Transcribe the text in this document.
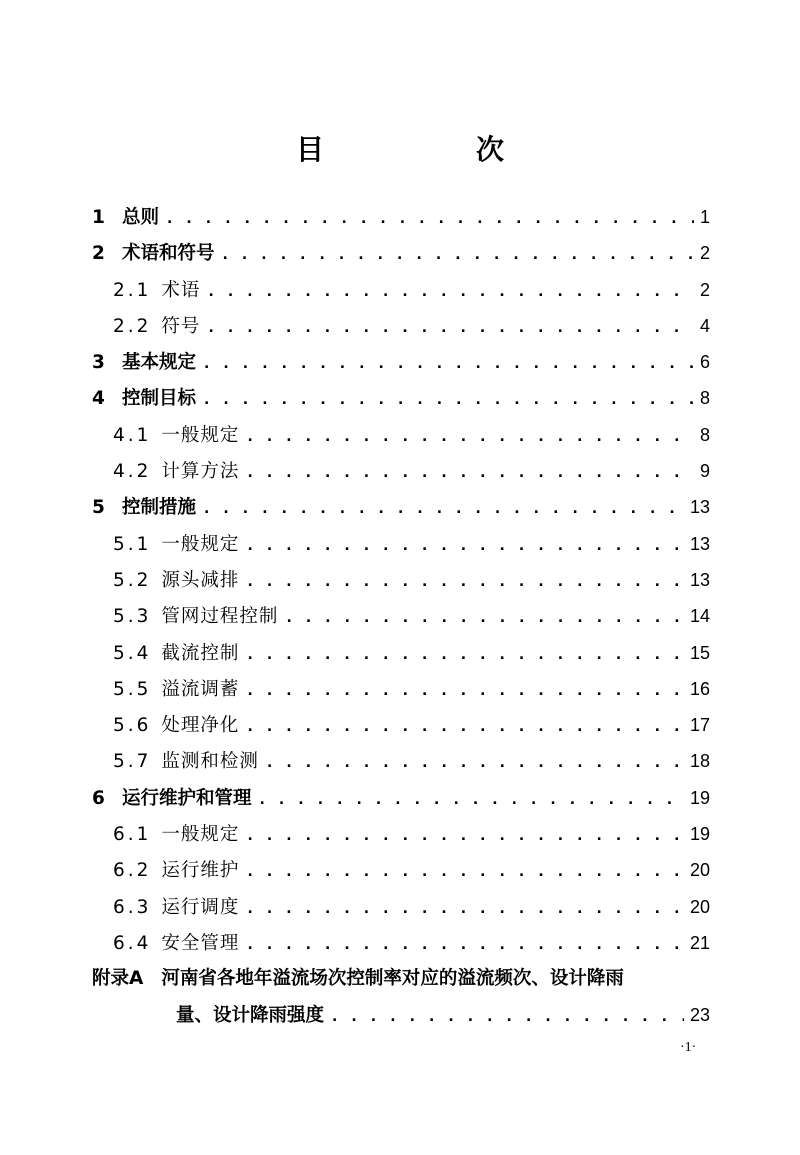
目　次
1 总则 . . .	1
2 术语和符号 . . .	2
2.1 术语 . . .	2
2.2 符号 . . .	4
3 基本规定 . . .	6
4 控制目标 . . .	8
4.1 一般规定 . . .	8
4.2 计算方法 . . .	9
5 控制措施 . . .	13
5.1 一般规定 . . .	13
5.2 源头减排 . . .	13
5.3 管网过程控制 . . .	14
5.4 截流控制 . . .	15
5.5 溢流调蓄 . . .	16
5.6 处理净化 . . .	17
5.7 监测和检测 . . .	18
6 运行维护和管理 . . .	19
6.1 一般规定 . . .	19
6.2 运行维护 . . .	20
6.3 运行调度 . . .	20
6.4 安全管理 . . .	21
附录A 河南省各地年溢流场次控制率对应的溢流频次、设计降雨
量、设计降雨强度 . . .	23
·1·
